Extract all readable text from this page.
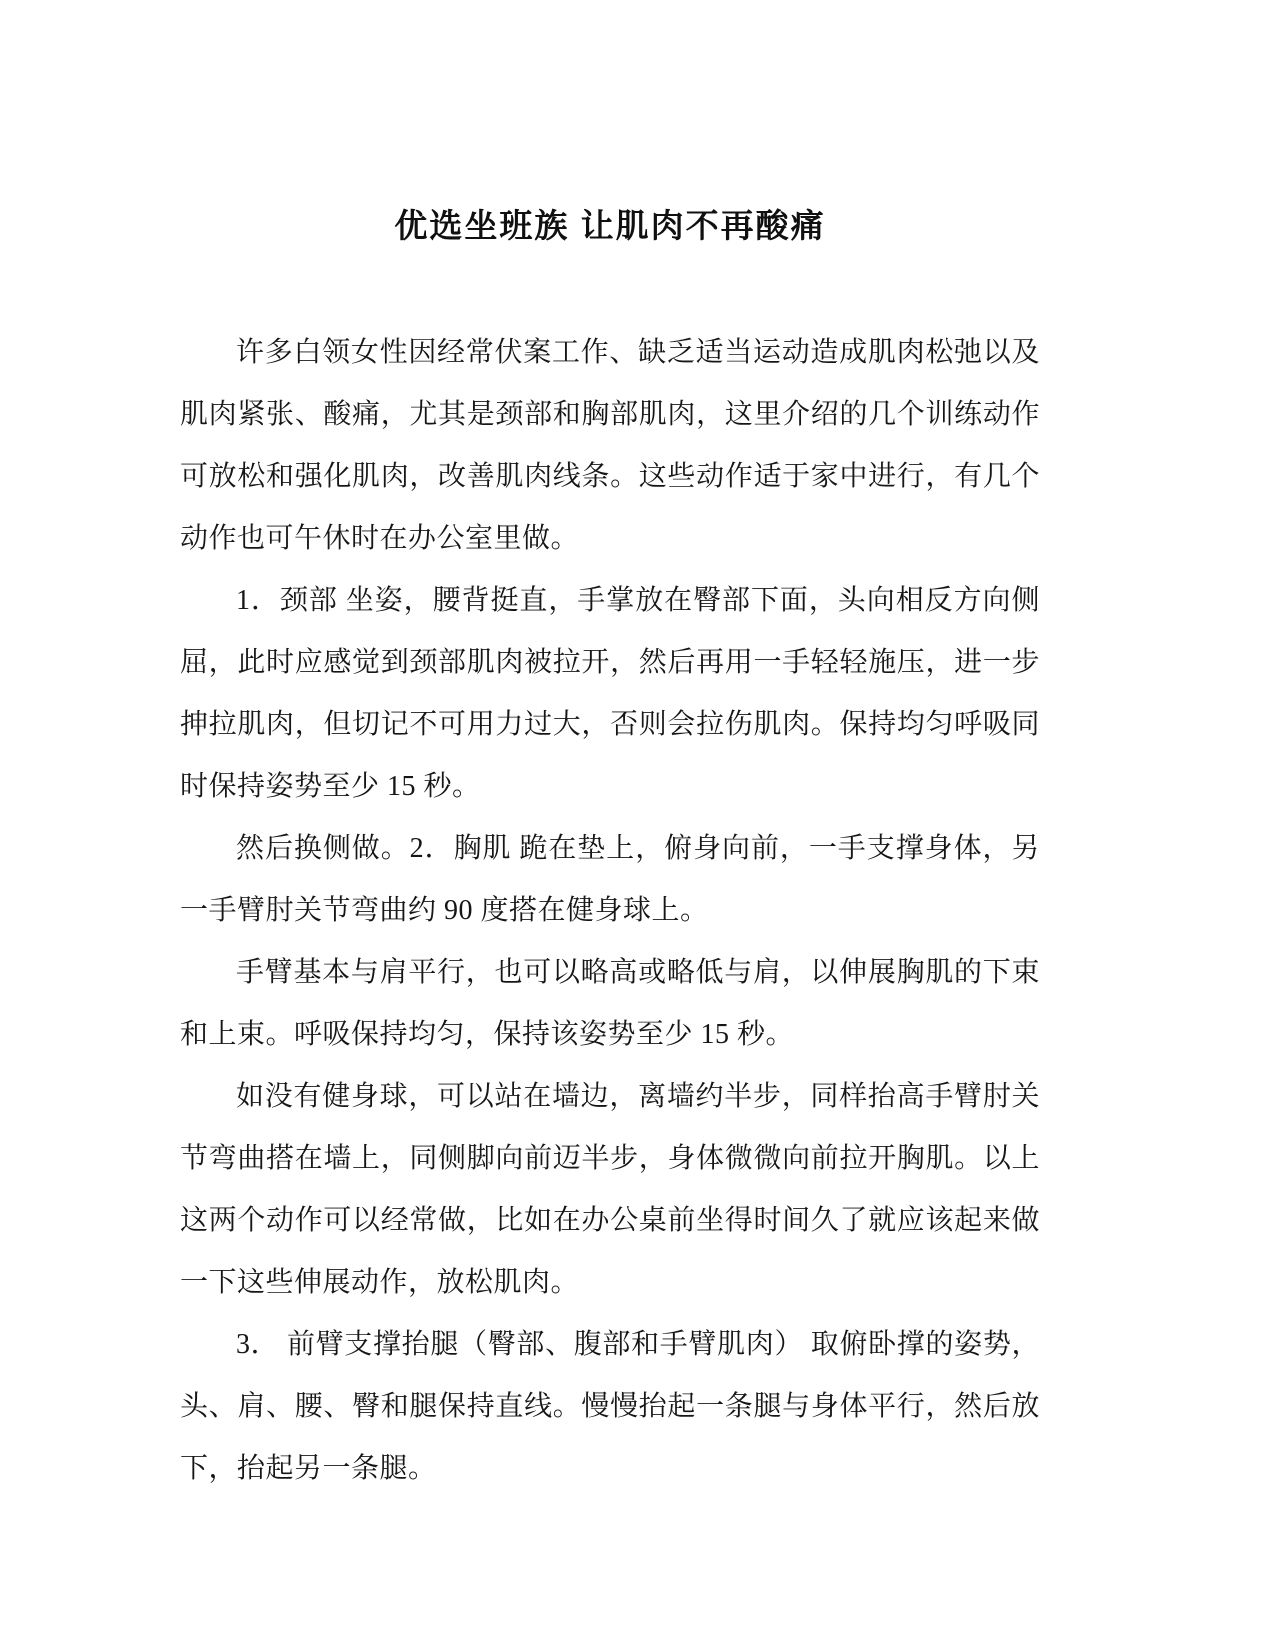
优选坐班族 让肌肉不再酸痛

许多白领女性因经常伏案工作、缺乏适当运动造成肌肉松弛以及肌肉紧张、酸痛，尤其是颈部和胸部肌肉，这里介绍的几个训练动作可放松和强化肌肉，改善肌肉线条。这些动作适于家中进行，有几个动作也可午休时在办公室里做。

1．颈部 坐姿，腰背挺直，手掌放在臀部下面，头向相反方向侧屈，此时应感觉到颈部肌肉被拉开，然后再用一手轻轻施压，进一步抻拉肌肉，但切记不可用力过大，否则会拉伤肌肉。保持均匀呼吸同时保持姿势至少 15 秒。

然后换侧做。2．胸肌 跪在垫上，俯身向前，一手支撑身体，另一手臂肘关节弯曲约 90 度搭在健身球上。

手臂基本与肩平行，也可以略高或略低与肩，以伸展胸肌的下束和上束。呼吸保持均匀，保持该姿势至少 15 秒。

如没有健身球，可以站在墙边，离墙约半步，同样抬高手臂肘关节弯曲搭在墙上，同侧脚向前迈半步，身体微微向前拉开胸肌。以上这两个动作可以经常做，比如在办公桌前坐得时间久了就应该起来做一下这些伸展动作，放松肌肉。

3． 前臂支撑抬腿（臀部、腹部和手臂肌肉） 取俯卧撑的姿势，头、肩、腰、臀和腿保持直线。慢慢抬起一条腿与身体平行，然后放下，抬起另一条腿。
